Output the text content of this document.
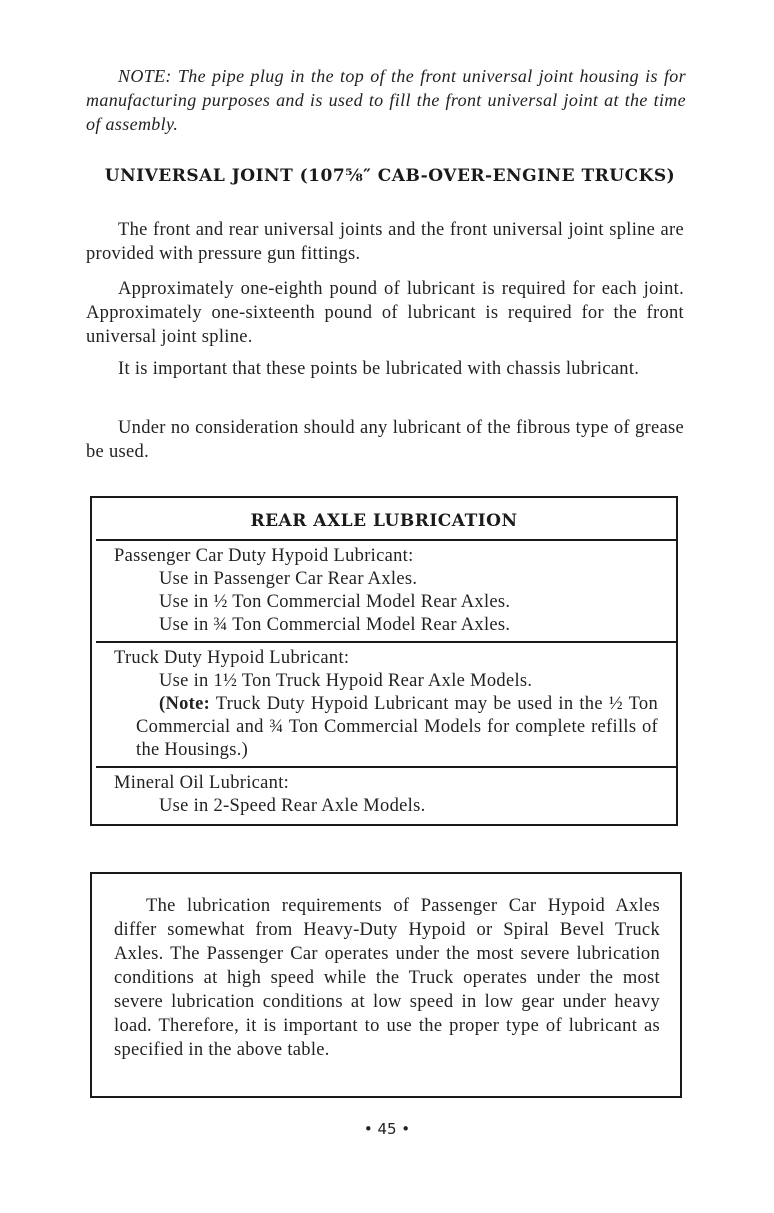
NOTE: The pipe plug in the top of the front universal joint housing is for manufacturing purposes and is used to fill the front universal joint at the time of assembly.

UNIVERSAL JOINT (107⅝″ CAB-OVER-ENGINE TRUCKS)

The front and rear universal joints and the front universal joint spline are provided with pressure gun fittings.

Approximately one-eighth pound of lubricant is required for each joint. Approximately one-sixteenth pound of lubricant is required for the front universal joint spline.

It is important that these points be lubricated with chassis lubricant.

Under no consideration should any lubricant of the fibrous type of grease be used.

REAR AXLE LUBRICATION

Passenger Car Duty Hypoid Lubricant:

Use in Passenger Car Rear Axles.

Use in ½ Ton Commercial Model Rear Axles.

Use in ¾ Ton Commercial Model Rear Axles.

Truck Duty Hypoid Lubricant:

Use in 1½ Ton Truck Hypoid Rear Axle Models.

(Note: Truck Duty Hypoid Lubricant may be used in the ½ Ton Commercial and ¾ Ton Commercial Models for complete refills of the Housings.)

Mineral Oil Lubricant:

Use in 2-Speed Rear Axle Models.

The lubrication requirements of Passenger Car Hypoid Axles differ somewhat from Heavy-Duty Hypoid or Spiral Bevel Truck Axles. The Passenger Car operates under the most severe lubrication conditions at high speed while the Truck operates under the most severe lubrication conditions at low speed in low gear under heavy load. Therefore, it is important to use the proper type of lubricant as specified in the above table.

• 45 •
